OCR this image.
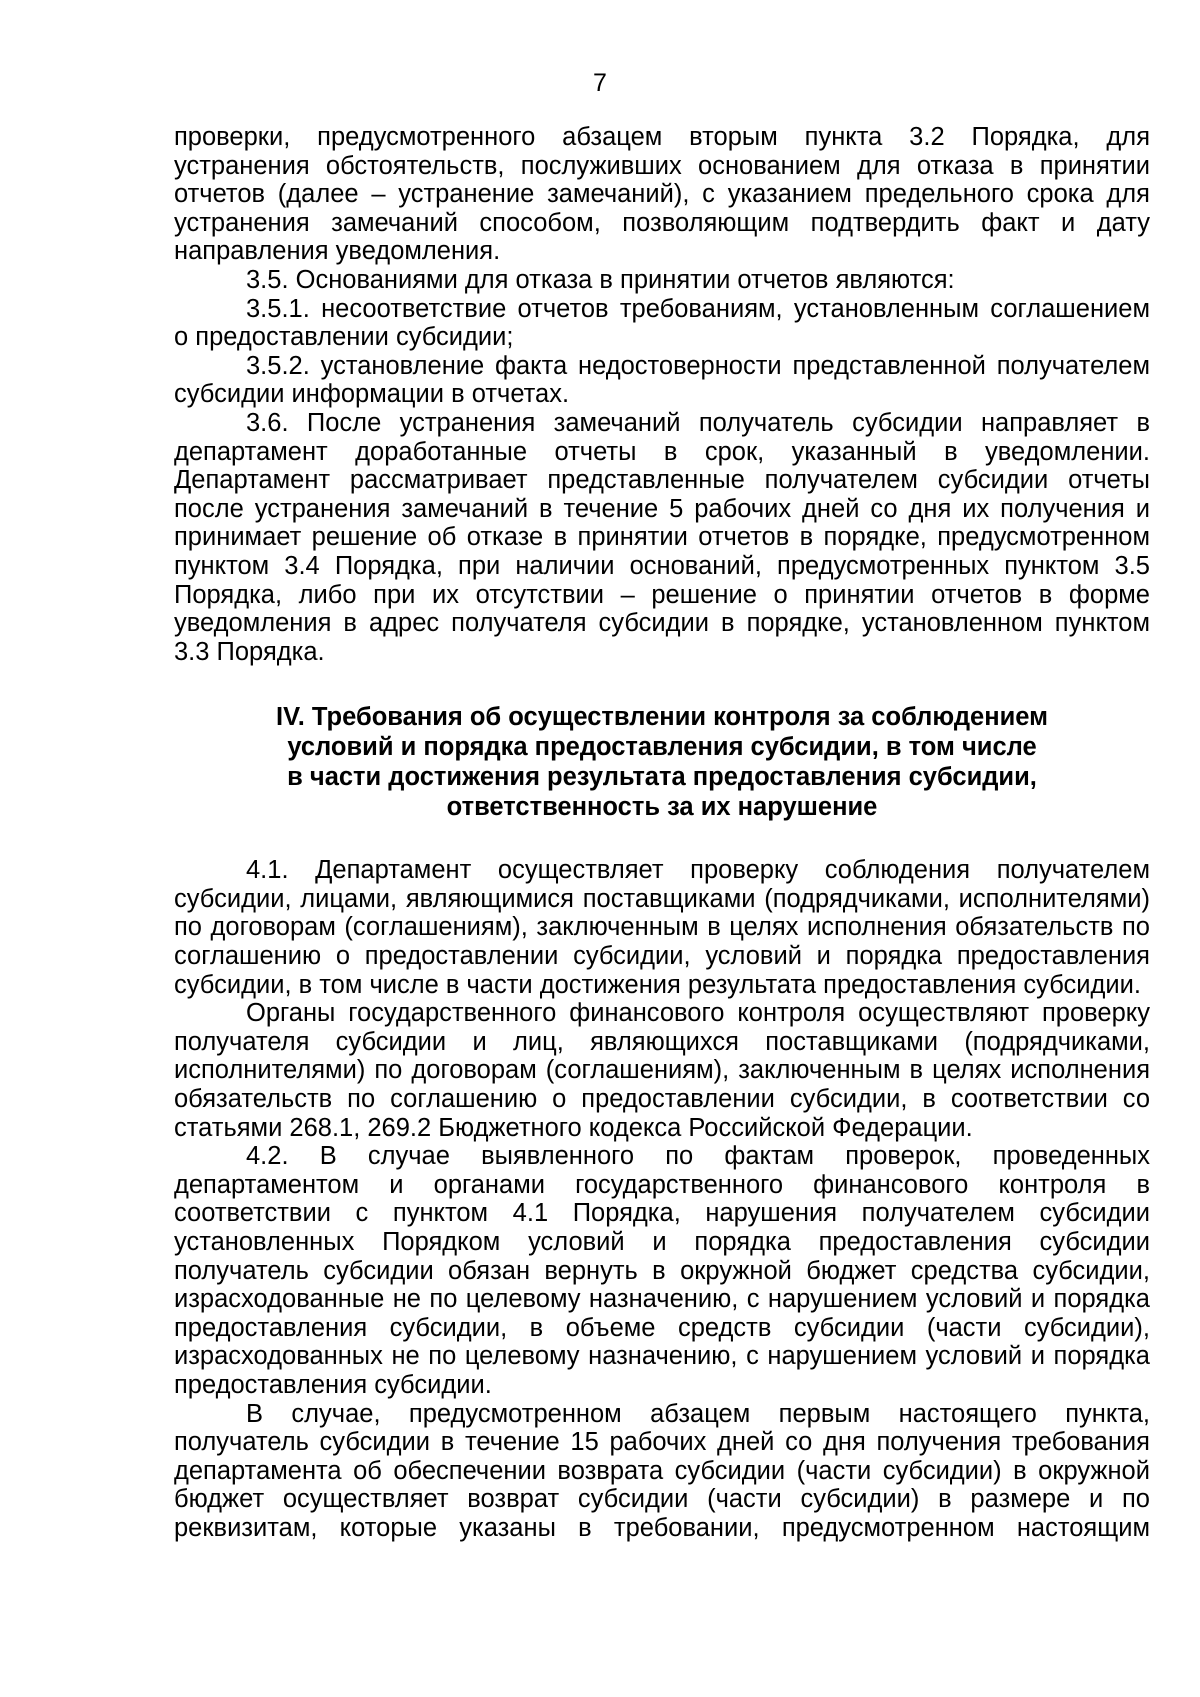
7

проверки, предусмотренного абзацем вторым пункта 3.2 Порядка, для устранения обстоятельств, послуживших основанием для отказа в принятии отчетов (далее – устранение замечаний), с указанием предельного срока для устранения замечаний способом, позволяющим подтвердить факт и дату направления уведомления.

3.5. Основаниями для отказа в принятии отчетов являются:

3.5.1. несоответствие отчетов требованиям, установленным соглашением о предоставлении субсидии;

3.5.2. установление факта недостоверности представленной получателем субсидии информации в отчетах.

3.6. После устранения замечаний получатель субсидии направляет в департамент доработанные отчеты в срок, указанный в уведомлении. Департамент рассматривает представленные получателем субсидии отчеты после устранения замечаний в течение 5 рабочих дней со дня их получения и принимает решение об отказе в принятии отчетов в порядке, предусмотренном пунктом 3.4 Порядка, при наличии оснований, предусмотренных пунктом 3.5 Порядка, либо при их отсутствии – решение о принятии отчетов в форме уведомления в адрес получателя субсидии в порядке, установленном пунктом 3.3 Порядка.

IV. Требования об осуществлении контроля за соблюдением
условий и порядка предоставления субсидии, в том числе
в части достижения результата предоставления субсидии,
ответственность за их нарушение

4.1. Департамент осуществляет проверку соблюдения получателем субсидии, лицами, являющимися поставщиками (подрядчиками, исполнителями) по договорам (соглашениям), заключенным в целях исполнения обязательств по соглашению о предоставлении субсидии, условий и порядка предоставления субсидии, в том числе в части достижения результата предоставления субсидии.

Органы государственного финансового контроля осуществляют проверку получателя субсидии и лиц, являющихся поставщиками (подрядчиками, исполнителями) по договорам (соглашениям), заключенным в целях исполнения обязательств по соглашению о предоставлении субсидии, в соответствии со статьями 268.1, 269.2 Бюджетного кодекса Российской Федерации.

4.2. В случае выявленного по фактам проверок, проведенных департаментом и органами государственного финансового контроля в соответствии с пунктом 4.1 Порядка, нарушения получателем субсидии установленных Порядком условий и порядка предоставления субсидии получатель субсидии обязан вернуть в окружной бюджет средства субсидии, израсходованные не по целевому назначению, с нарушением условий и порядка предоставления субсидии, в объеме средств субсидии (части субсидии), израсходованных не по целевому назначению, с нарушением условий и порядка предоставления субсидии.

В случае, предусмотренном абзацем первым настоящего пункта, получатель субсидии в течение 15 рабочих дней со дня получения требования департамента об обеспечении возврата субсидии (части субсидии) в окружной бюджет осуществляет возврат субсидии (части субсидии) в размере и по реквизитам, которые указаны в требовании, предусмотренном настоящим
